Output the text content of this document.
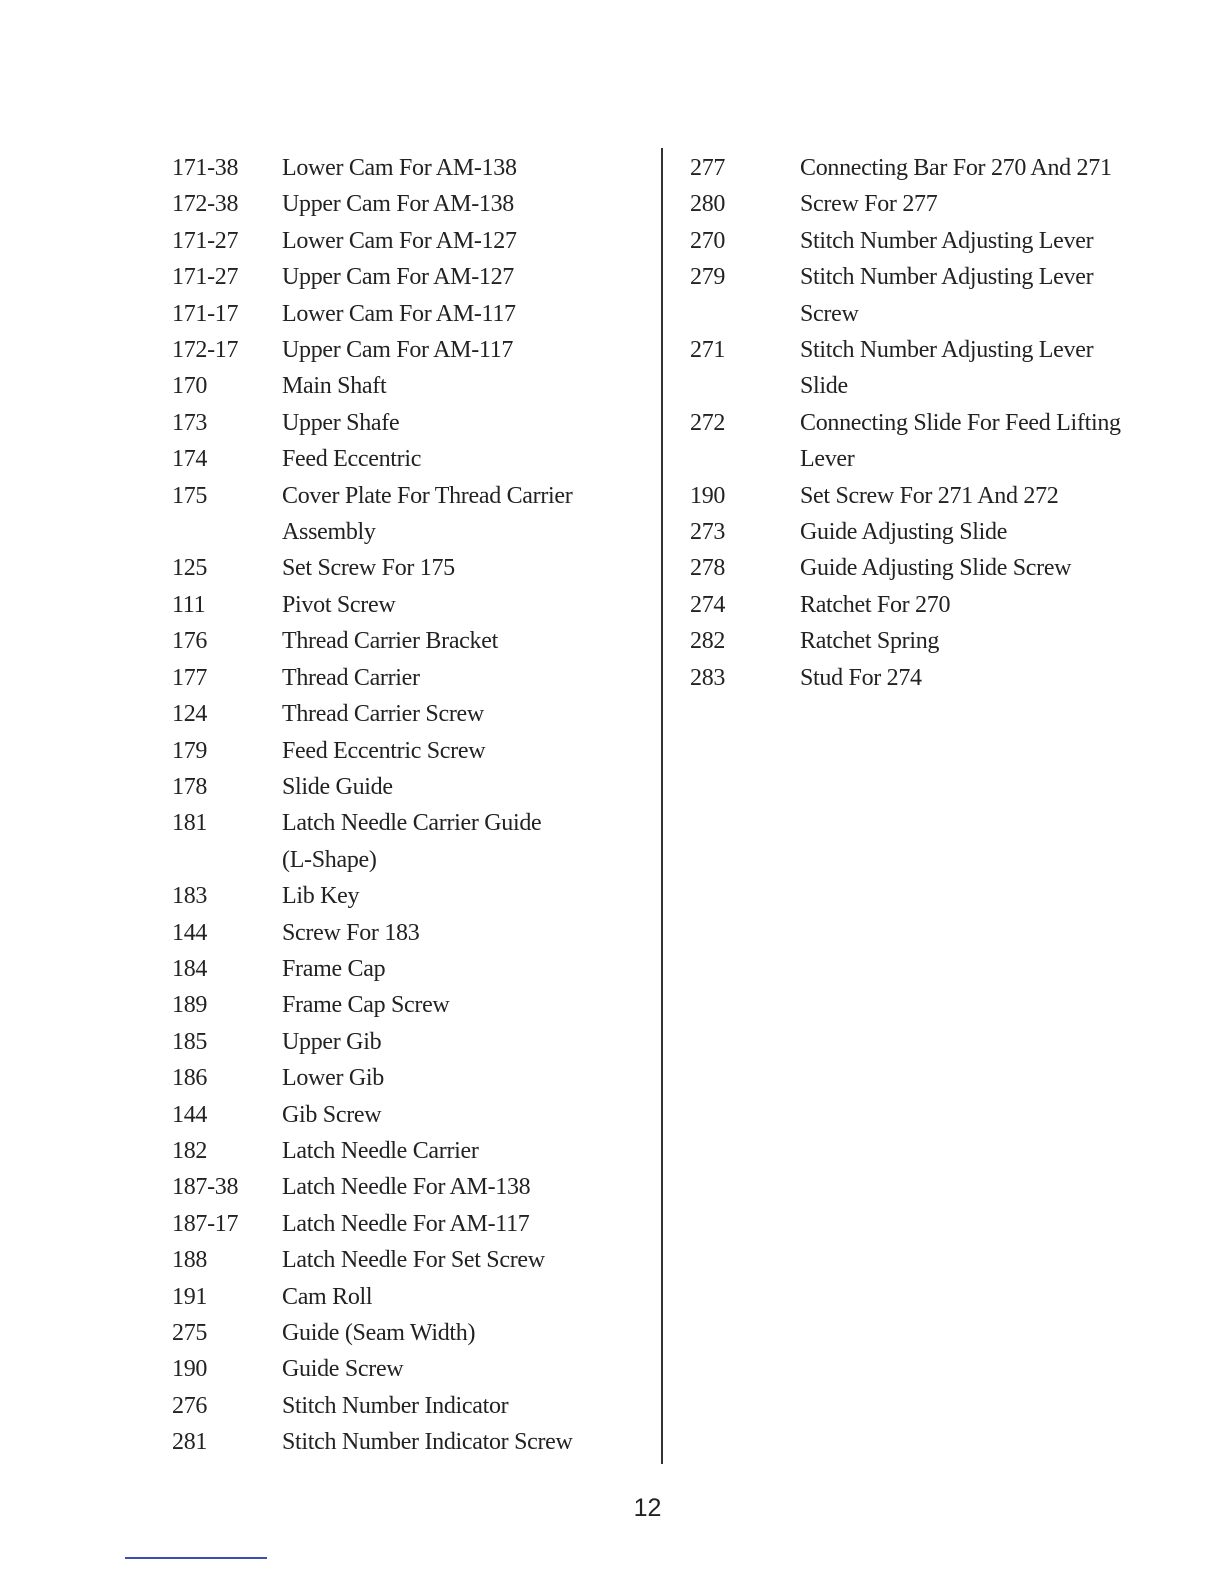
171-38	Lower Cam For AM-138
172-38	Upper Cam For AM-138
171-27	Lower Cam For AM-127
171-27	Upper Cam For AM-127
171-17	Lower Cam For AM-117
172-17	Upper Cam For AM-117
170	Main Shaft
173	Upper Shafe
174	Feed Eccentric
175	Cover Plate For Thread Carrier
Assembly
125	Set Screw For 175
111	Pivot Screw
176	Thread Carrier Bracket
177	Thread Carrier
124	Thread Carrier Screw
179	Feed Eccentric Screw
178	Slide Guide
181	Latch Needle Carrier Guide
(L-Shape)
183	Lib Key
144	Screw For 183
184	Frame Cap
189	Frame Cap Screw
185	Upper Gib
186	Lower Gib
144	Gib Screw
182	Latch Needle Carrier
187-38	Latch Needle For AM-138
187-17	Latch Needle For AM-117
188	Latch Needle For Set Screw
191	Cam Roll
275	Guide (Seam Width)
190	Guide Screw
276	Stitch Number Indicator
281	Stitch Number Indicator Screw
277	Connecting Bar For 270 And 271
280	Screw For 277
270	Stitch Number Adjusting Lever
279	Stitch Number Adjusting Lever
Screw
271	Stitch Number Adjusting Lever
Slide
272	Connecting Slide For Feed Lifting
Lever
190	Set Screw For 271 And 272
273	Guide Adjusting Slide
278	Guide Adjusting Slide Screw
274	Ratchet For 270
282	Ratchet Spring
283	Stud For 274
12
